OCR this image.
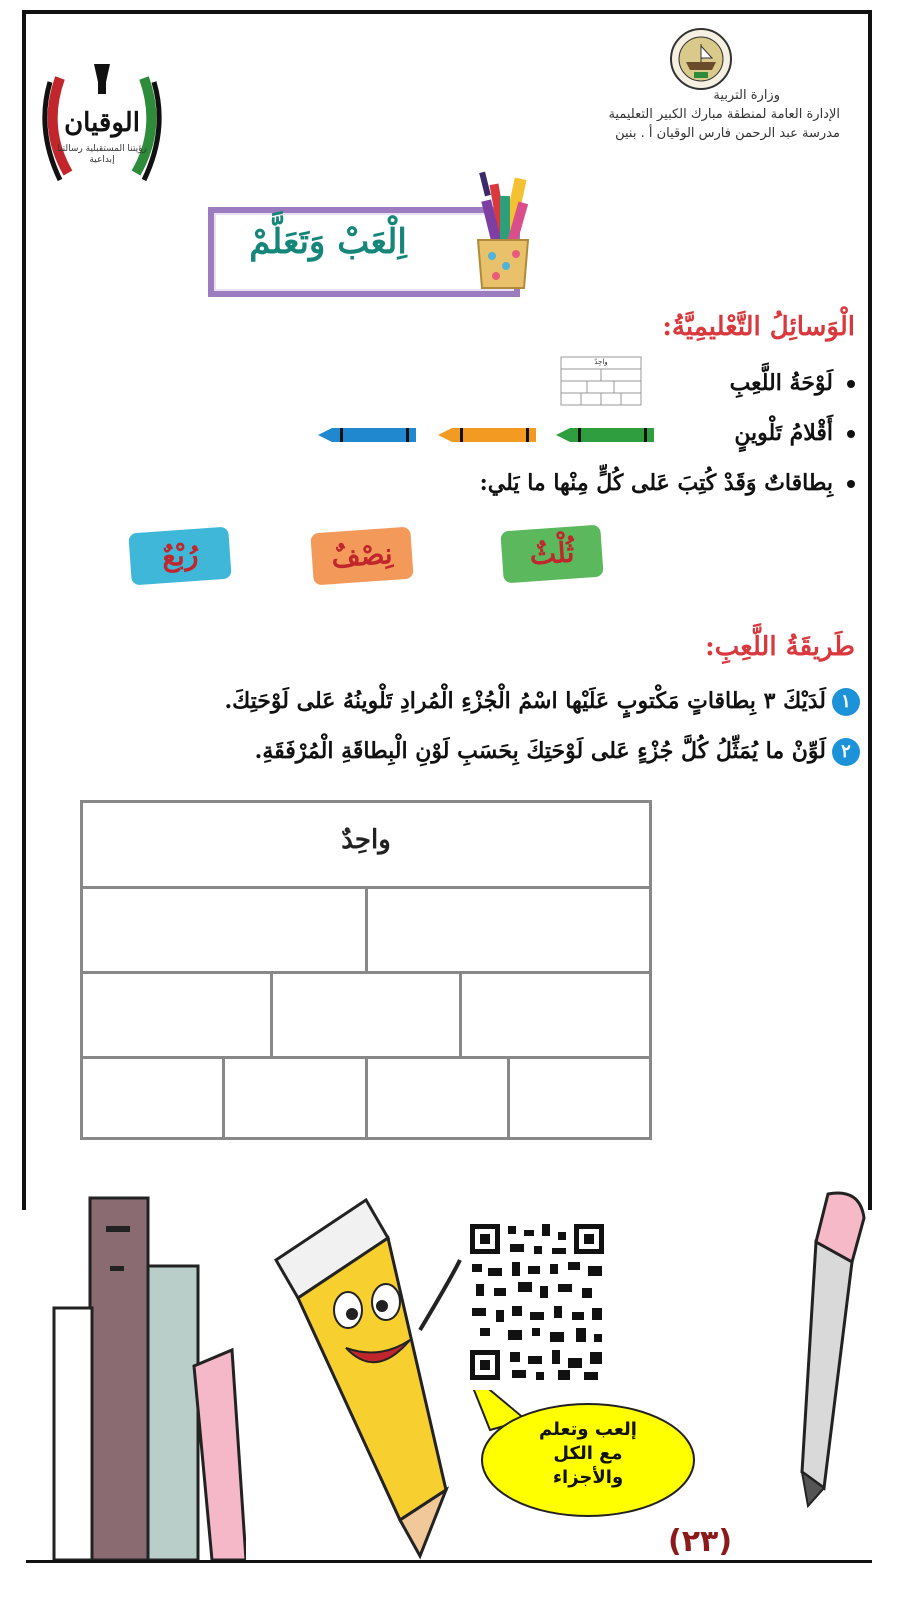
وزارة التربية
الإدارة العامة لمنطقة مبارك الكبير التعليمية
مدرسة عبد الرحمن فارس الوقيان أ . بنين
الوقيان
رؤيتنا المستقبلية رسالتنا إبداعية
اِلْعَبْ وَتَعَلَّمْ
الْوَسائِلُ التَّعْليمِيَّةُ:
لَوْحَةُ اللَّعِبِ
واحِدٌ
أَقْلامُ تَلْوينٍ
بِطاقاتٌ وَقَدْ كُتِبَ عَلى كُلٍّ مِنْها ما يَلي:
ثُلْثٌ
نِصْفٌ
رُبْعٌ
طَريقَةُ اللَّعِبِ:
١لَدَيْكَ ٣ بِطاقاتٍ مَكْتوبٍ عَلَيْها اسْمُ الْجُزْءِ الْمُرادِ تَلْوينُهُ عَلى لَوْحَتِكَ.
٢لَوِّنْ ما يُمَثِّلُ كُلَّ جُزْءٍ عَلى لَوْحَتِكَ بِحَسَبِ لَوْنِ الْبِطاقَةِ الْمُرْفَقَةِ.
واحِدٌ
إلعب وتعلم
مع الكل
والأجزاء
(٢٣)
